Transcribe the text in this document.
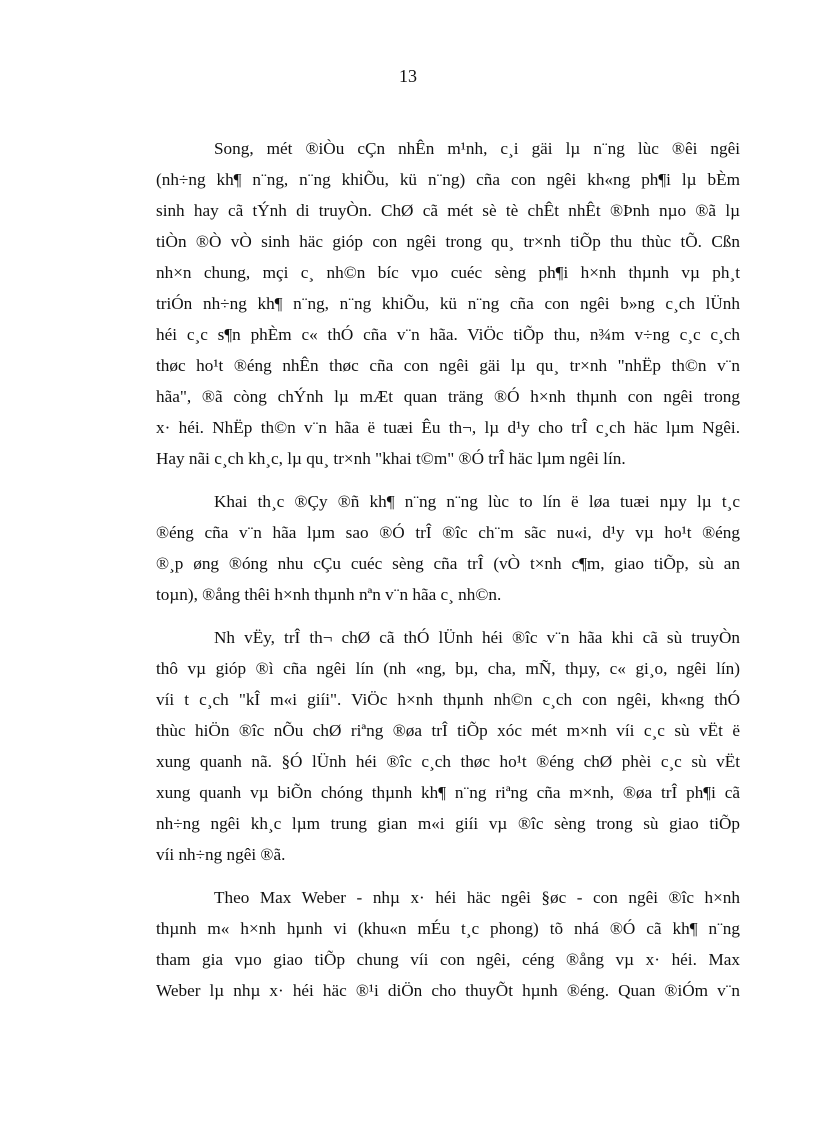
13

Song, mét ®iÒu cÇn nhÊn m¹nh, c¸i gäi lµ n¨ng lùc ®êi ngêi
(nh÷ng kh¶ n¨ng, n¨ng khiÕu, kü n¨ng) cña con ngêi kh«ng ph¶i lµ bÈm
sinh hay cã tÝnh di truyÒn. ChØ cã mét sè tè chÊt nhÊt ®Þnh nµo ®ã lµ
tiÒn ®Ò vÒ sinh häc gióp con ngêi trong qu¸ tr×nh tiÕp thu thùc tÕ. Cßn
nh×n chung, mçi c¸ nh©n bíc vµo cuéc sèng ph¶i h×nh thµnh vµ ph¸t
triÓn nh÷ng kh¶ n¨ng, n¨ng khiÕu, kü n¨ng cña con ngêi b»ng c¸ch lÜnh
héi c¸c s¶n phÈm c« thÓ cña v¨n hãa. ViÖc tiÕp thu, n¾m v÷ng c¸c c¸ch
thøc ho¹t ®éng nhÊn thøc cña con ngêi gäi lµ qu¸ tr×nh "nhËp th©n v¨n
hãa", ®ã còng chÝnh lµ mÆt quan träng ®Ó h×nh thµnh con ngêi trong
x· héi. NhËp th©n v¨n hãa ë tuæi Êu th¬, lµ d¹y cho trÎ c¸ch häc lµm Ngêi.
Hay nãi c¸ch kh¸c, lµ qu¸ tr×nh "khai t©m" ®Ó trÎ häc lµm ngêi lín.

Khai th¸c ®Çy ®ñ kh¶ n¨ng n¨ng lùc to lín ë løa tuæi nµy lµ t¸c
®éng cña v¨n hãa lµm sao ®Ó trÎ ®îc ch¨m sãc nu«i, d¹y vµ ho¹t ®éng
®¸p øng ®óng nhu cÇu cuéc sèng cña trÎ (vÒ t×nh c¶m, giao tiÕp, sù an
toµn), ®ång thêi h×nh thµnh nªn v¨n hãa c¸ nh©n.

Nh vËy, trÎ th¬ chØ cã thÓ lÜnh héi ®îc v¨n hãa khi cã sù truyÒn
thô vµ gióp ®ì cña ngêi lín (nh «ng, bµ, cha, mÑ, thµy, c« gi¸o, ngêi lín)
víi t c¸ch "kÎ m«i giíi". ViÖc h×nh thµnh nh©n c¸ch con ngêi, kh«ng thÓ
thùc hiÖn ®îc nÕu chØ riªng ®øa trÎ tiÕp xóc mét m×nh víi c¸c sù vËt ë
xung quanh nã. §Ó lÜnh héi ®îc c¸ch thøc ho¹t ®éng chØ phèi c¸c sù vËt
xung quanh vµ biÕn chóng thµnh kh¶ n¨ng riªng cña m×nh, ®øa trÎ ph¶i cã
nh÷ng ngêi kh¸c lµm trung gian m«i giíi vµ ®îc sèng trong sù giao tiÕp
víi nh÷ng ngêi ®ã.

Theo Max Weber - nhµ x· héi häc ngêi §øc - con ngêi ®îc h×nh
thµnh m« h×nh hµnh vi (khu«n mÉu t¸c phong) tõ nhá ®Ó cã kh¶ n¨ng
tham gia vµo giao tiÕp chung víi con ngêi, céng ®ång vµ x· héi. Max
Weber lµ nhµ x· héi häc ®¹i diÖn cho thuyÕt hµnh ®éng. Quan ®iÓm v¨n
